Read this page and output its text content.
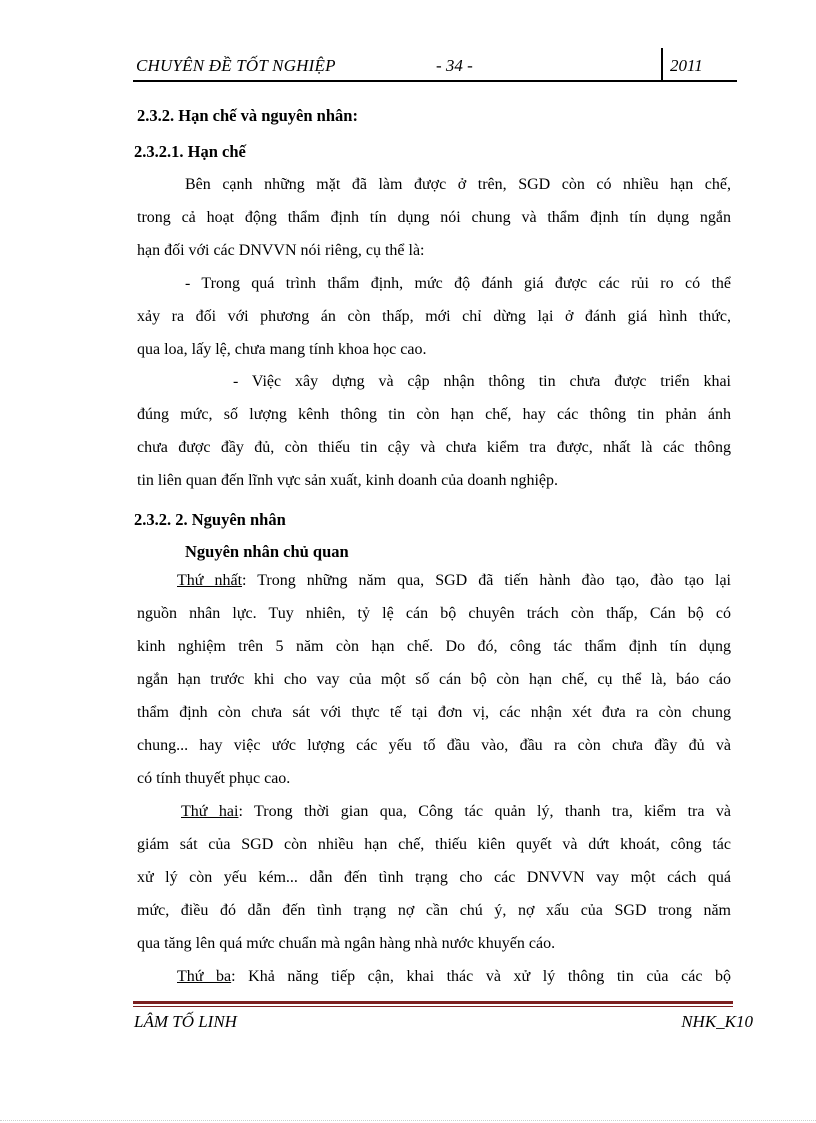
CHUYÊN ĐỀ TỐT NGHIỆP	- 34 -	2011
2.3.2. Hạn chế và nguyên nhân:
2.3.2.1. Hạn chế
Bên cạnh những mặt đã làm được ở trên, SGD còn có nhiều hạn chế,
trong cả hoạt động thẩm định tín dụng nói chung và thẩm định tín dụng ngắn
hạn đối với các DNVVN nói riêng, cụ thể là:
- Trong quá trình thẩm định, mức độ đánh giá được các rủi ro có thể
xảy ra đối với phương án còn thấp, mới chỉ dừng lại ở đánh giá hình thức,
qua loa, lấy lệ, chưa mang tính khoa học cao.
- Việc xây dựng và cập nhận thông tin chưa được triển khai
đúng mức, số lượng kênh thông tin còn hạn chế, hay các thông tin phản ánh
chưa được đầy đủ, còn thiếu tin cậy và chưa kiểm tra được, nhất là các thông
tin liên quan đến lĩnh vực sản xuất, kinh doanh của doanh nghiệp.
2.3.2. 2. Nguyên nhân
Nguyên nhân chủ quan
Thứ nhất: Trong những năm qua, SGD đã tiến hành đào tạo, đào tạo lại
nguồn nhân lực. Tuy nhiên, tỷ lệ cán bộ chuyên trách còn thấp, Cán bộ có
kinh nghiệm trên 5 năm còn hạn chế. Do đó, công tác thẩm định tín dụng
ngắn hạn trước khi cho vay của một số cán bộ còn hạn chế, cụ thể là, báo cáo
thẩm định còn chưa sát với thực tế tại đơn vị, các nhận xét đưa ra còn chung
chung... hay việc ước lượng các yếu tố đầu vào, đầu ra còn chưa đầy đủ và
có tính thuyết phục cao.
Thứ hai: Trong thời gian qua, Công tác quản lý, thanh tra, kiểm tra và
giám sát của SGD còn nhiều hạn chế, thiếu kiên quyết và dứt khoát, công tác
xử lý còn yếu kém... dẫn đến tình trạng cho các DNVVN vay một cách quá
mức, điều đó dẫn đến tình trạng nợ cần chú ý, nợ xấu của SGD trong năm
qua tăng lên quá mức chuẩn mà ngân hàng nhà nước khuyến cáo.
Thứ ba: Khả năng tiếp cận, khai thác và xử lý thông tin của các bộ
LÂM TỐ LINH	NHK_K10
